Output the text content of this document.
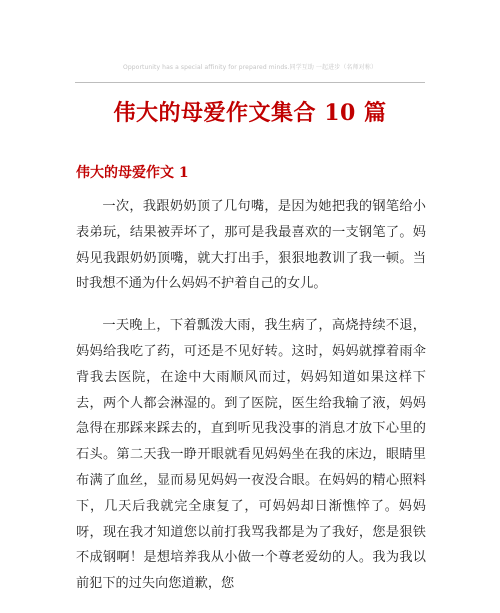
Opportunity has a special affinity for prepared minds.同学互助 一起进步（名师对称）
伟大的母爱作文集合 10 篇
伟大的母爱作文 1

一次，我跟奶奶顶了几句嘴，是因为她把我的钢笔给小表弟玩，结果被弄坏了，那可是我最喜欢的一支钢笔了。妈妈见我跟奶奶顶嘴，就大打出手，狠狠地教训了我一顿。当时我想不通为什么妈妈不护着自己的女儿。

一天晚上，下着瓢泼大雨，我生病了，高烧持续不退，妈妈给我吃了药，可还是不见好转。这时，妈妈就撑着雨伞背我去医院，在途中大雨顺风而过，妈妈知道如果这样下去，两个人都会淋湿的。到了医院，医生给我输了液，妈妈急得在那踩来踩去的，直到听见我没事的消息才放下心里的石头。第二天我一睁开眼就看见妈妈坐在我的床边，眼睛里布满了血丝，显而易见妈妈一夜没合眼。在妈妈的精心照料下，几天后我就完全康复了，可妈妈却日渐憔悴了。妈妈呀，现在我才知道您以前打我骂我都是为了我好，您是狠铁不成钢啊！是想培养我从小做一个尊老爱幼的人。我为我以前犯下的过失向您道歉，您
